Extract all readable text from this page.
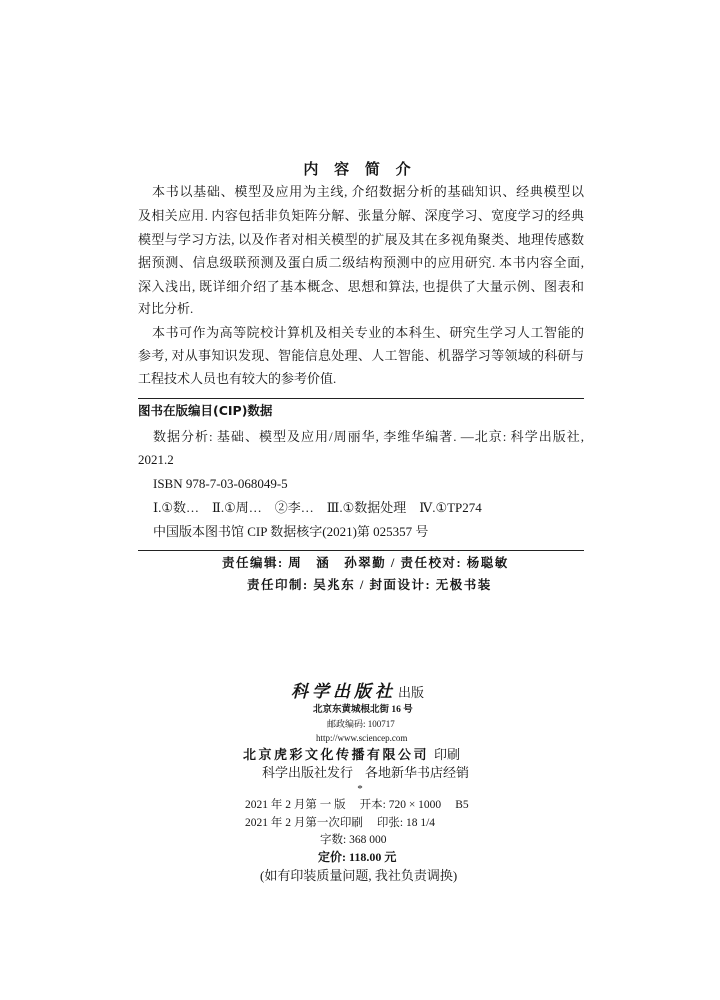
内 容 简 介
本书以基础、模型及应用为主线, 介绍数据分析的基础知识、经典模型以
及相关应用. 内容包括非负矩阵分解、张量分解、深度学习、宽度学习的经典
模型与学习方法, 以及作者对相关模型的扩展及其在多视角聚类、地理传感数
据预测、信息级联预测及蛋白质二级结构预测中的应用研究. 本书内容全面,
深入浅出, 既详细介绍了基本概念、思想和算法, 也提供了大量示例、图表和
对比分析.
本书可作为高等院校计算机及相关专业的本科生、研究生学习人工智能的
参考, 对从事知识发现、智能信息处理、人工智能、机器学习等领域的科研与
工程技术人员也有较大的参考价值.
图书在版编目(CIP)数据
数据分析: 基础、模型及应用/周丽华, 李维华编著. —北京: 科学出版社,
2021.2
ISBN 978-7-03-068049-5
Ⅰ.①数…　Ⅱ.①周…　②李…　Ⅲ.①数据处理　Ⅳ.①TP274
中国版本图书馆 CIP 数据核字(2021)第 025357 号
责任编辑: 周　涵　孙翠勤 / 责任校对: 杨聪敏
责任印制: 吴兆东 / 封面设计: 无极书装
科学出版社 出版
北京东黄城根北街 16 号
邮政编码: 100717
http://www.sciencep.com
北京虎彩文化传播有限公司 印刷
科学出版社发行 各地新华书店经销
*
2021 年 2 月第 一 版 开本: 720 × 1000 B5
2021 年 2 月第一次印刷 印张: 18 1/4
字数: 368 000
定价: 118.00 元
(如有印装质量问题, 我社负责调换)
